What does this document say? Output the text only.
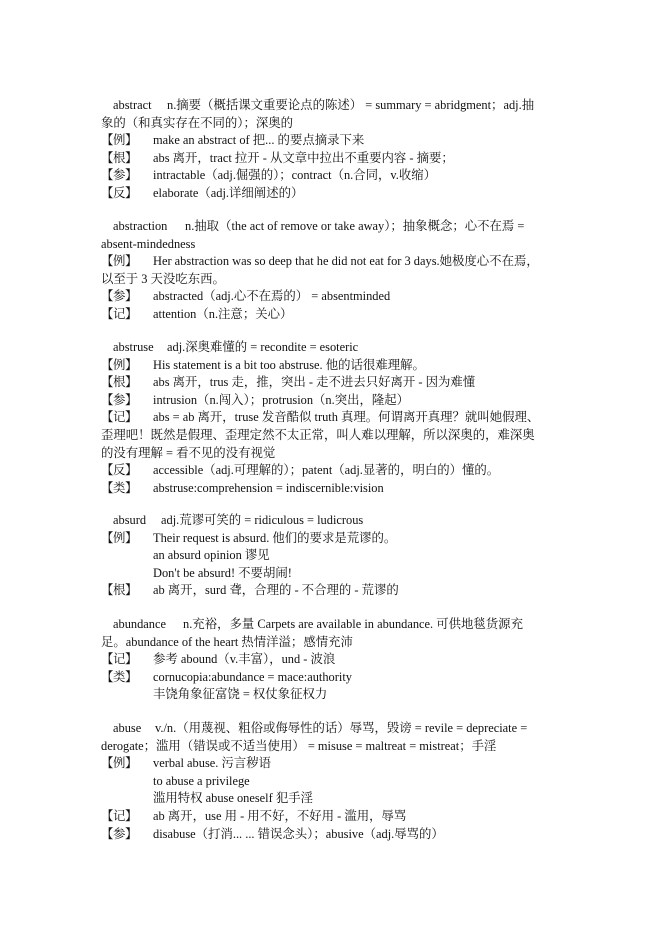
abstract n.摘要（概括课文重要论点的陈述） = summary = abridgment；adj.抽
象的（和真实存在不同的）；深奥的
【例】	make an abstract of 把... 的要点摘录下来
【根】	abs 离开，tract 拉开 - 从文章中拉出不重要内容 - 摘要；
【参】	intractable（adj.倔强的）；contract（n.合同，v.收缩）
【反】	elaborate（adj.详细阐述的）
abstraction n.抽取（the act of remove or take away）；抽象概念；心不在焉 =
absent-mindedness
【例】	Her abstraction was so deep that he did not eat for 3 days.她极度心不在焉，
以至于 3 天没吃东西。
【参】	abstracted（adj.心不在焉的） = absentminded
【记】	attention（n.注意；关心）
abstruse adj.深奥难懂的 = recondite = esoteric
【例】	His statement is a bit too abstruse. 他的话很难理解。
【根】	abs 离开，trus 走，推，突出 - 走不进去只好离开 - 因为难懂
【参】	intrusion（n.闯入）；protrusion（n.突出，隆起）
【记】	abs = ab 离开，truse 发音酷似 truth 真理。何谓离开真理？就叫她假理、
歪理吧！既然是假理、歪理定然不太正常，叫人难以理解，所以深奥的，难深奥
的没有理解 = 看不见的没有视觉
【反】	accessible（adj.可理解的）；patent（adj.显著的，明白的）懂的。
【类】	abstruse:comprehension = indiscernible:vision
absurd adj.荒谬可笑的 = ridiculous = ludicrous
【例】	Their request is absurd. 他们的要求是荒谬的。
an absurd opinion 谬见
Don't be absurd! 不要胡闹!
【根】	ab 离开，surd 聋，合理的 - 不合理的 - 荒谬的
abundance n.充裕，多量 Carpets are available in abundance. 可供地毯货源充
足。abundance of the heart 热情洋溢；感情充沛
【记】	参考 abound（v.丰富），und - 波浪
【类】	cornucopia:abundance = mace:authority
丰饶角象征富饶 = 权仗象征权力
abuse v./n.（用蔑视、粗俗或侮辱性的话）辱骂，毁谤 = revile = depreciate =
derogate；滥用（错误或不适当使用） = misuse = maltreat = mistreat；手淫
【例】	verbal abuse. 污言秽语
to abuse a privilege
滥用特权 abuse oneself 犯手淫
【记】	ab 离开，use 用 - 用不好，不好用 - 滥用，辱骂
【参】	disabuse（打消... ... 错误念头）；abusive（adj.辱骂的）
